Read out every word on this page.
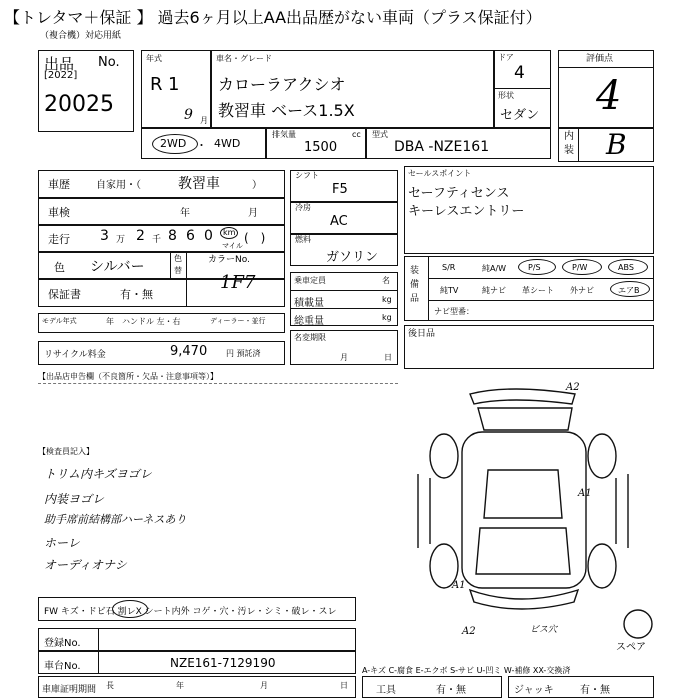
【トレタマ＋保証 】 過去6ヶ月以上AA出品歴がない車両（プラス保証付）
（複合機）対応用紙
出品 No.
[2022]
20025
年式
R 1
9 月
車名・グレード
カローラアクシオ
教習車 ベース1.5X
ドア
4
形状
セダン
評価点
4
内
装 B
2WD ・ 4WD
排気量	cc
1500
型式
DBA -NZE161
車歴	自家用・（	教習車	）
車検	年	月
走行 3 万 2 千 8 6 0 km
マイル
(　)
色 シルバー
色
替
カラーNo.
1F7
保証書	有・無
モデル年式	年 ハンドル 左・右	ディーラー・並行
リサイクル料金	9,470 円 預託済
シフト
F5
冷房
AC
燃料
ガソリン
乗車定員	名
積載量	kg
総重量	kg
名変期限
月	日
セールスポイント
セーフティセンス
キーレスエントリー
装備品
S/R	純A/W	P/S	P/W	ABS
純TV	純ナビ 革シート 外ナビ	エアB
ナビ型番：
後日品
【出品店申告欄（不良箇所・欠品・注意事項等）】
【検査員記入】
トリム内キズヨゴレ
内装ヨゴレ
助手席前結構部ハーネスあり
ホーレ
オーディオナシ
A2
A1
A1
A2	ビス穴
スペア
FW キズ・ドビ石 割レX シート内外 コゲ・穴・汚レ・シミ・破レ・スレ
登録No.
車台No.	NZE161-7129190
車庫証明期間 長	年	月	日
A-キズ C-腐食 E-エクボ S-サビ U-凹ミ W-補修 XX-交換済
工具	有・無	ジャッキ	有・無
